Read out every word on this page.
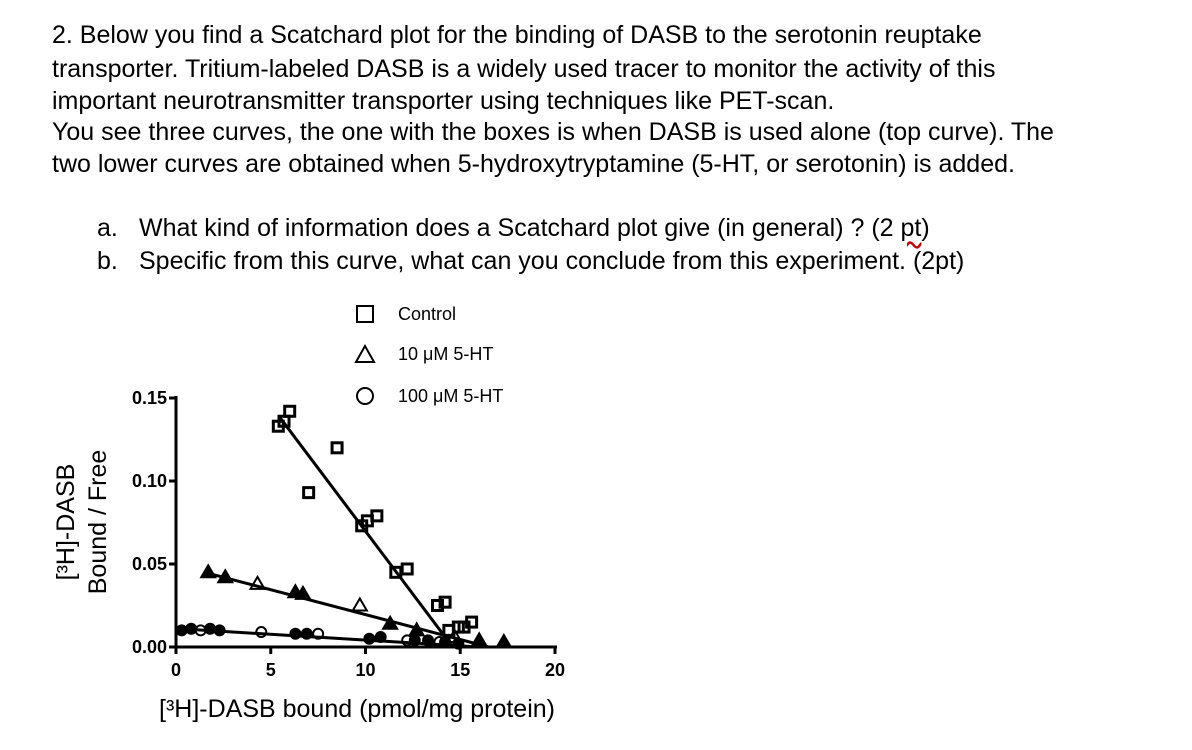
2. Below you find a Scatchard plot for the binding of DASB to the serotonin reuptake
transporter. Tritium-labeled DASB is a widely used tracer to monitor the activity of this
important neurotransmitter transporter using techniques like PET-scan.
You see three curves, the one with the boxes is when DASB is used alone (top curve). The
two lower curves are obtained when 5-hydroxytryptamine (5-HT, or serotonin) is added.
a. What kind of information does a Scatchard plot give (in general) ? (2 pt)
b. Specific from this curve, what can you conclude from this experiment. (2pt)
0.00
0.05
0.10
0.15
0	5	10	15	20
[³H]-DASB bound (pmol/mg protein)
[³H]-DASB Bound / Free
Control
10 μM 5-HT
100 μM 5-HT
